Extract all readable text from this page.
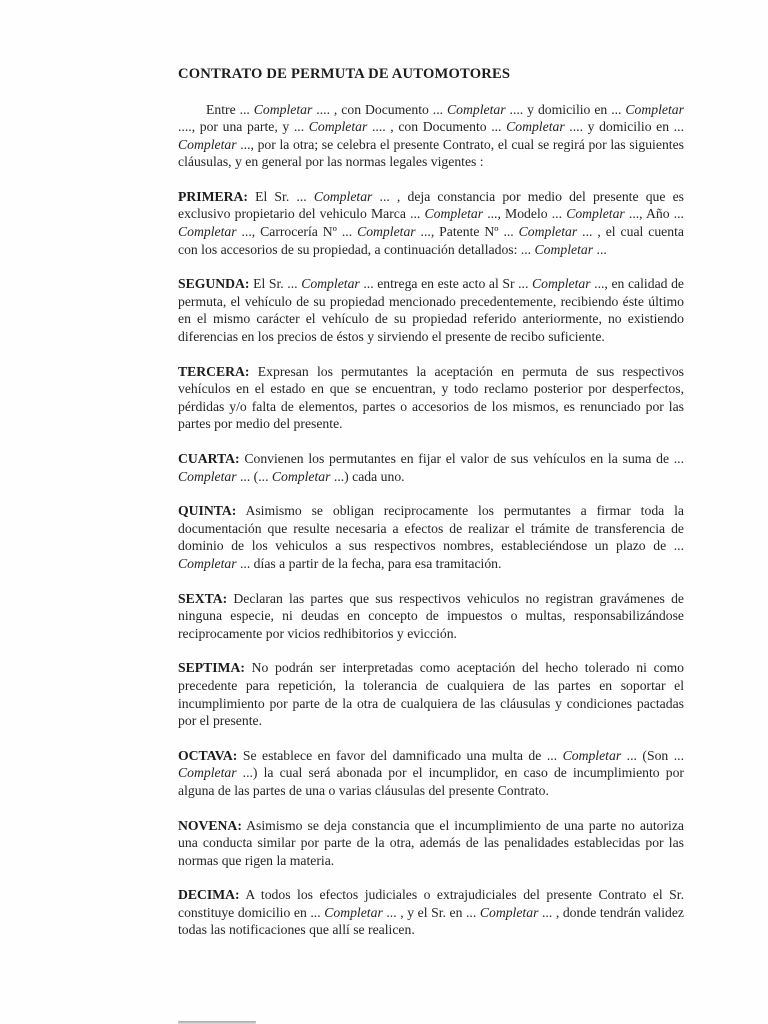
CONTRATO DE PERMUTA DE AUTOMOTORES

Entre ... Completar .... , con Documento ... Completar .... y domicilio en ... Completar ...., por una parte, y ... Completar .... , con Documento ... Completar .... y domicilio en ... Completar ..., por la otra; se celebra el presente Contrato, el cual se regirá por las siguientes cláusulas, y en general por las normas legales vigentes :

PRIMERA: El Sr. ... Completar ... , deja constancia por medio del presente que es exclusivo propietario del vehiculo Marca ... Completar ..., Modelo ... Completar ..., Año ... Completar ..., Carrocería Nº ... Completar ..., Patente Nº ... Completar ... , el cual cuenta con los accesorios de su propiedad, a continuación detallados: ... Completar ...

SEGUNDA: El Sr. ... Completar ... entrega en este acto al Sr ... Completar ..., en calidad de permuta, el vehículo de su propiedad mencionado precedentemente, recibiendo éste último en el mismo carácter el vehículo de su propiedad referido anteriormente, no existiendo diferencias en los precios de éstos y sirviendo el presente de recibo suficiente.

TERCERA: Expresan los permutantes la aceptación en permuta de sus respectivos vehículos en el estado en que se encuentran, y todo reclamo posterior por desperfectos, pérdidas y/o falta de elementos, partes o accesorios de los mismos, es renunciado por las partes por medio del presente.

CUARTA: Convienen los permutantes en fijar el valor de sus vehículos en la suma de ... Completar ... (... Completar ...) cada uno.

QUINTA: Asimismo se obligan reciprocamente los permutantes a firmar toda la documentación que resulte necesaria a efectos de realizar el trámite de transferencia de dominio de los vehiculos a sus respectivos nombres, estableciéndose un plazo de ... Completar ... días a partir de la fecha, para esa tramitación.

SEXTA: Declaran las partes que sus respectivos vehiculos no registran gravámenes de ninguna especie, ni deudas en concepto de impuestos o multas, responsabilizándose reciprocamente por vicios redhibitorios y evicción.

SEPTIMA: No podrán ser interpretadas como aceptación del hecho tolerado ni como precedente para repetición, la tolerancia de cualquiera de las partes en soportar el incumplimiento por parte de la otra de cualquiera de las cláusulas y condiciones pactadas por el presente.

OCTAVA: Se establece en favor del damnificado una multa de ... Completar ... (Son ... Completar ...) la cual será abonada por el incumplidor, en caso de incumplimiento por alguna de las partes de una o varias cláusulas del presente Contrato.

NOVENA: Asimismo se deja constancia que el incumplimiento de una parte no autoriza una conducta similar por parte de la otra, además de las penalidades establecidas por las normas que rigen la materia.

DECIMA: A todos los efectos judiciales o extrajudiciales del presente Contrato el Sr. constituye domicilio en ... Completar ... , y el Sr. en ... Completar ... , donde tendrán validez todas las notificaciones que allí se realicen.
